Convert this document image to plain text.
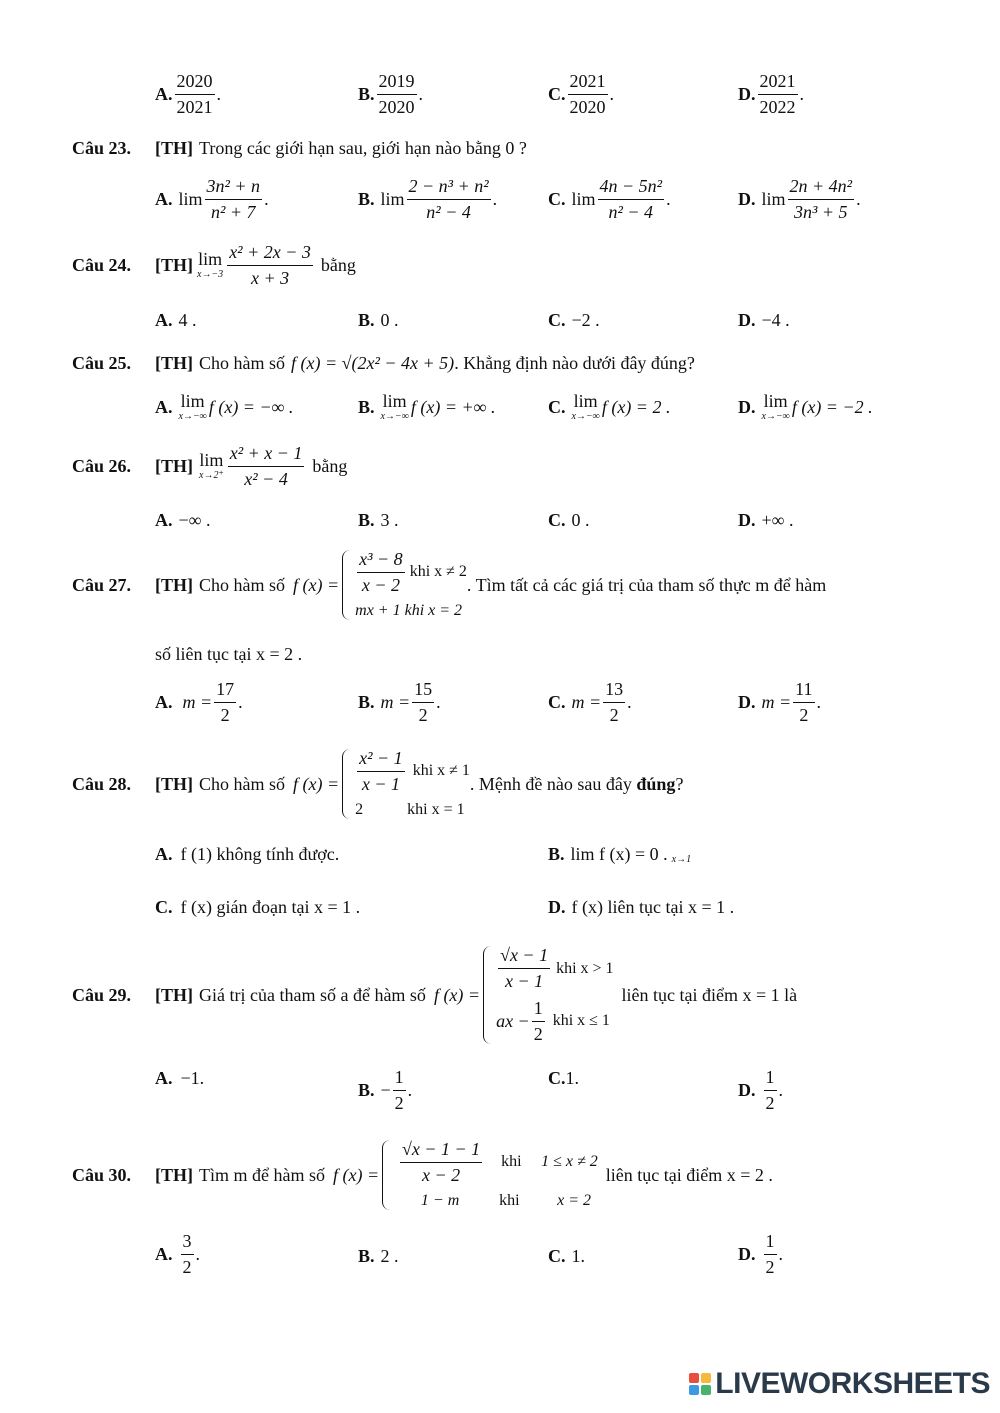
A. $\frac{2020}{2021}$ .	B. $\frac{2019}{2020}$ .	C. $\frac{2021}{2020}$ .	D. $\frac{2021}{2022}$ .
Câu 23.	[TH] Trong các giới hạn sau, giới hạn nào bằng 0 ?
A. $\lim \frac{\text{3n² + n}}{\text{n² + 7}}$ .	B. $\lim \frac{\text{2 − n³ + n²}}{\text{n² − 4}}$ .	C. $\lim \frac{\text{4n − 5n²}}{\text{n² − 4}}$ .	D. $\lim \frac{\text{2n + 4n²}}{\text{3n³ + 5}}$ .
Câu 24.	[TH] lim
$x\to-3 \frac{\text{x² + 2x − 3}}{x + 3}$ bằng
A. 4 .	B. 0 .	C. −2 .	D. −4 .
Câu 25.	[TH] Cho hàm số f (x) = √(2x² − 4x + 5) . Khẳng định nào dưới đây đúng?
A. lim
x→−∞ f (x) = −∞ .	B. lim
x→−∞ f (x) = +∞ .	C. lim
x→−∞ f (x) = 2 .	D. lim
x→−∞ f (x) = −2 .
Câu 26.	[TH] lim
$x\to 2^+ \frac{\text{x² + x − 1}}{\text{x² − 4}}$ bằng
A. −∞ .	B. 3 .	C. 0 .	D. +∞ .
Câu 27.	[TH] Cho hàm số f $(x) = \frac{\text{x³ − 8}}{x - 2}$ khi x ≠ 2
mx + 1 khi x = 2
. Tìm tất cả các giá trị của tham số thực m để hàm
số liên tục tại x = 2 .
A. $m = \frac{17}{2}$ .	B. $m = \frac{15}{2}$ .	C. $m = \frac{13}{2}$ .	D. $m = \frac{11}{2}$ .
Câu 28.	[TH] Cho hàm số f $(x) = \frac{\text{x² − 1}}{x - 1}$ khi x ≠ 1
2	khi x = 1
. Mệnh đề nào sau đây
đúng ?
A. f (1) không tính được.	B. lim f (x) = 0 . x→1
C. f (x) gián đoạn tại x = 1 .	D. f (x) liên tục tại x = 1 .
Câu 29.	[TH] Giá trị của tham số a để hàm số f (x) =
$\frac{√x - 1}{x - 1}$ khi x > 1
ax − $\frac{1}{2}$ khi x ≤ 1
liên tục tại điểm x = 1 là
A. −1.
B. − $\frac{1}{2}$ .
C. 1.
D. $\frac{1}{2}$ .
Câu 30.	[TH] Tìm m để hàm số f $(x) = \frac{√x - 1 - 1}{x - 2}$ khi	1 ≤ x ≠ 2
1 − m	khi	x = 2
liên tục tại điểm x = 2 .
A. $\frac{3}{2}$ .	B. 2 .	C. 1.	D. $\frac{1}{2}$ .
LIVEWORKSHEETS
